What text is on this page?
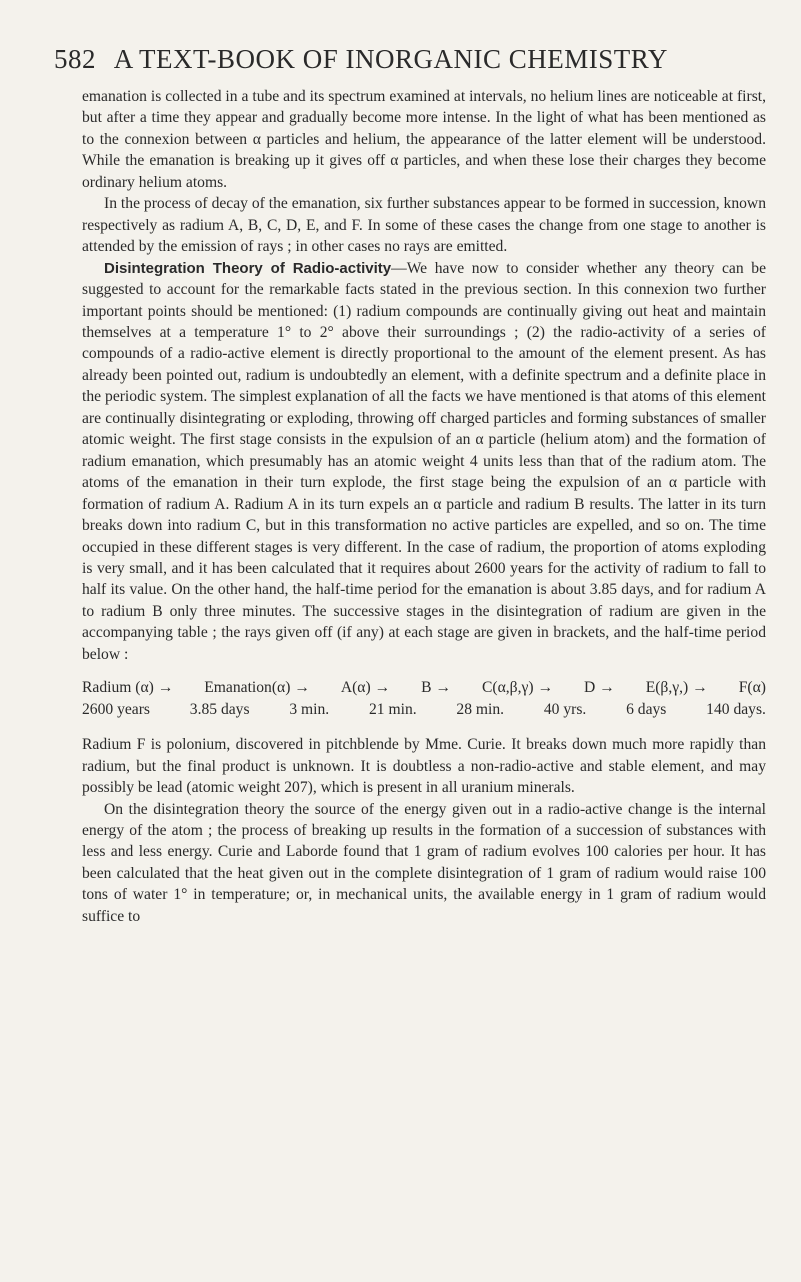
582 A TEXT-BOOK OF INORGANIC CHEMISTRY

emanation is collected in a tube and its spectrum examined at intervals, no helium lines are noticeable at first, but after a time they appear and gradually become more intense. In the light of what has been mentioned as to the connexion between α particles and helium, the appearance of the latter element will be understood. While the emanation is breaking up it gives off α particles, and when these lose their charges they become ordinary helium atoms.

In the process of decay of the emanation, six further substances appear to be formed in succession, known respectively as radium A, B, C, D, E, and F. In some of these cases the change from one stage to another is attended by the emission of rays ; in other cases no rays are emitted.

Disintegration Theory of Radio-activity—We have now to consider whether any theory can be suggested to account for the remarkable facts stated in the previous section. In this connexion two further important points should be mentioned: (1) radium compounds are continually giving out heat and maintain themselves at a temperature 1° to 2° above their surroundings ; (2) the radio-activity of a series of compounds of a radio-active element is directly proportional to the amount of the element present. As has already been pointed out, radium is undoubtedly an element, with a definite spectrum and a definite place in the periodic system. The simplest explanation of all the facts we have mentioned is that atoms of this element are continually disintegrating or exploding, throwing off charged particles and forming substances of smaller atomic weight. The first stage consists in the expulsion of an α particle (helium atom) and the formation of radium emanation, which presumably has an atomic weight 4 units less than that of the radium atom. The atoms of the emanation in their turn explode, the first stage being the expulsion of an α particle with formation of radium A. Radium A in its turn expels an α particle and radium B results. The latter in its turn breaks down into radium C, but in this transformation no active particles are expelled, and so on. The time occupied in these different stages is very different. In the case of radium, the proportion of atoms exploding is very small, and it has been calculated that it requires about 2600 years for the activity of radium to fall to half its value. On the other hand, the half-time period for the emanation is about 3.85 days, and for radium A to radium B only three minutes. The successive stages in the disintegration of radium are given in the accompanying table ; the rays given off (if any) at each stage are given in brackets, and the half-time period below :

Radium (α) → Emanation(α) → A(α) → B → C(α,β,γ) → D → E(β,γ,) → F(α)
2600 years	3.85 days	3 min.	21 min.	28 min.	40 yrs.	6 days	140 days.

Radium F is polonium, discovered in pitchblende by Mme. Curie. It breaks down much more rapidly than radium, but the final product is unknown. It is doubtless a non-radio-active and stable element, and may possibly be lead (atomic weight 207), which is present in all uranium minerals.

On the disintegration theory the source of the energy given out in a radio-active change is the internal energy of the atom ; the process of breaking up results in the formation of a succession of substances with less and less energy. Curie and Laborde found that 1 gram of radium evolves 100 calories per hour. It has been calculated that the heat given out in the complete disintegration of 1 gram of radium would raise 100 tons of water 1° in temperature; or, in mechanical units, the available energy in 1 gram of radium would suffice to
